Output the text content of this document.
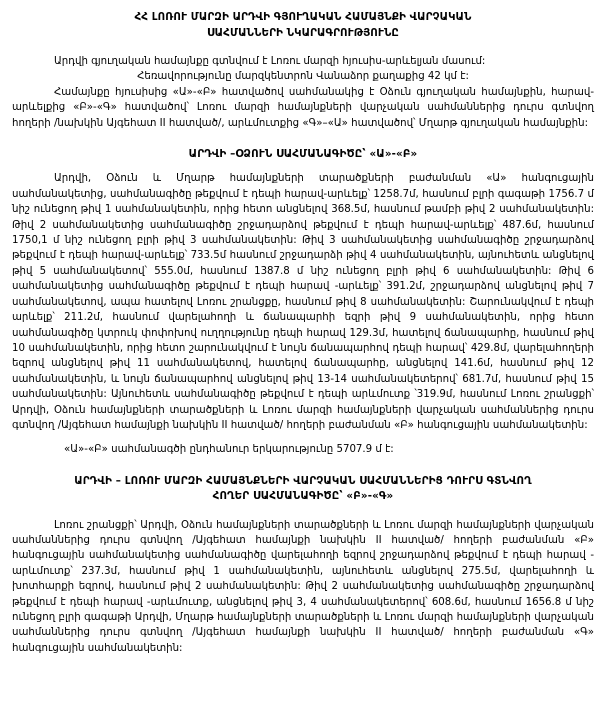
ՀՀ ԼՈՌՈՒ ՄԱՐԶԻ ԱՐԴՎԻ ԳՅՈՒՂԱԿԱՆ ՀԱՄԱՅՆՔԻ ՎԱՐՉԱԿԱՆ
ՍԱՀՄԱՆՆԵՐԻ ՆԿԱՐԱԳՐՈՒԹՅՈՒՆԸ

Արդվի գյուղական համայնքը գտնվում է Լոռու մարզի հյուսիս-արևելյան մասում:

Հեռավորությունը մարզկենտրոն Վանաձոր քաղաքից 42 կմ է:

Համայնքը հյուսիսից «Ա»-«Բ» հատվածով սահմանակից է Օձուն գյուղական համայնքին, հարավ-արևելքից «Բ»-«Գ» հատվածով՝ Լոռու մարզի համայնքների վարչական սահմաններից դուրս գտնվող հողերի /նախկին Այգեհատ II հատված/, արևմուտքից «Գ»–«Ա» հատվածով՝ Մղարթ գյուղական համայնքին:

ԱՐԴՎԻ –ՕՁՈՒՆ ՍԱՀՄԱՆԱԳԻԾԸ՝ «Ա»-«Բ»

Արդվի, Օձուն և Մղարթ համայնքների տարածքների բաժանման «Ա» հանգուցային սահմանակետից, սահմանագիծը թեքվում է դեպի հարավ-արևելք՝ 1258.7մ, հասնում բլրի գագաթի 1756.7 մ նիշ ունեցող թիվ 1 սահմանակետին, որից հետո անցնելով 368.5մ, հասնում թամբի թիվ 2 սահմանակետին: Թիվ 2 սահմանակետից սահմանագիծը շրջադարձով թեքվում է դեպի հարավ-արևելք՝ 487.6մ, հասնում 1750,1 մ նիշ ունեցող բլրի թիվ 3 սահմանակետին: Թիվ 3 սահմանակետից սահմանագիծը շրջադարձով թեքվում է դեպի հարավ-արևելք՝ 733.5մ հասնում շրջադարձի թիվ 4 սահմանակետին, այնուհետև անցնելով թիվ 5 սահմանակետով՝ 555.0մ, հասնում 1387.8 մ նիշ ունեցող բլրի թիվ 6 սահմանակետին: Թիվ 6 սահմանակետից սահմանագիծը թեքվում է դեպի հարավ -արևելք՝ 391.2մ, շրջադարձով անցնելով թիվ 7 սահմանակետով, ապա հատելով Լոռու շրանցքը, հասնում թիվ 8 սահմանակետին: Շարունակվում է դեպի արևելք՝ 211.2մ, հասնում վարելահողի և ճանապարհի եզրի թիվ 9 սահմանակետին, որից հետո սահմանագիծը կտրուկ փոփոխով ուղղությունը դեպի հարավ 129.3մ, հատելով ճանապարհը, հասնում թիվ 10 սահմանակետին, որից հետո շարունակվում է նույն ճանապարհով դեպի հարավ՝ 429.8մ, վարելահողերի եզրով անցնելով թիվ 11 սահմանակետով, հատելով ճանապարհը, անցնելով 141.6մ, հասնում թիվ 12 սահմանակետին, և նույն ճանապարհով անցնելով թիվ 13-14 սահմանակետերով՝ 681.7մ, հասնում թիվ 15 սահմանակետին: Այնուհետև սահմանագիծը թեքվում է դեպի արևմուտք ՝319.9մ, հասնում Լոռու շրանցքի՝ Արդվի, Օձուն համայնքների տարածքների և Լոռու մարզի համայնքների վարչական սահմաններից դուրս գտնվող /Այգեհատ համայնքի նախկին II հատված/ հողերի բաժանման «Բ» հանգուցային սահմանակետին:

«Ա»-«Բ» սահմանագծի ընդհանուր երկարությունը 5707.9 մ է:

ԱՐԴՎԻ – ԼՈՌՈՒ ՄԱՐԶԻ ՀԱՄԱՅՆՔՆԵՐԻ ՎԱՐՉԱԿԱՆ ՍԱՀՄԱՆՆԵՐԻՑ ԴՈՒՐՍ ԳՏՆՎՈՂ
ՀՈՂԵՐ ՍԱՀՄԱՆԱԳԻԾԸ՝ «Բ»-«Գ»

Լոռու շրանցքի՝ Արդվի, Օձուն համայնքների տարածքների և Լոռու մարզի համայնքների վարչական սահմաններից դուրս գտնվող /Այգեհատ համայնքի նախկին II հատված/ հողերի բաժանման «Բ» հանգուցային սահմանակետից սահմանագիծը վարելահողի եզրով շրջադարձով թեքվում է դեպի հարավ - արևմուտք՝ 237.3մ, հասնում թիվ 1 սահմանակետին, այնուհետև անցնելով 275.5մ, վարելահողի և խոտհարքի եզրով, հասնում թիվ 2 սահմանակետին: Թիվ 2 սահմանակետից սահմանագիծը շրջադարձով թեքվում է դեպի հարավ -արևմուտք, անցնելով թիվ 3, 4 սահմանակետերով՝ 608.6մ, հասնում 1656.8 մ նիշ ունեցող բլրի գագաթի Արդվի, Մղարթ համայնքների տարածքների և Լոռու մարզի համայնքների վարչական սահմաններից դուրս գտնվող /Այգեհատ համայնքի նախկին II հատված/ հողերի բաժանման «Գ» հանգուցային սահմանակետին:
